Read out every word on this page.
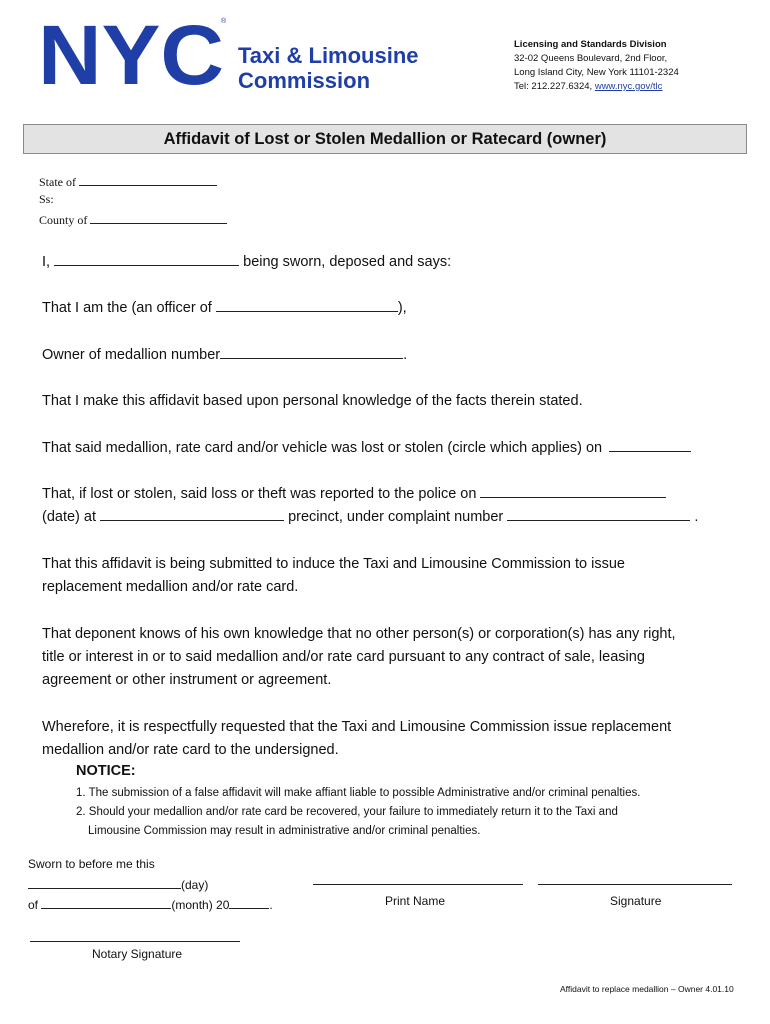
NYC
®
Taxi & Limousine
Commission
Licensing and Standards Division
32-02 Queens Boulevard, 2nd Floor,
Long Island City, New York 11101-2324
Tel: 212.227.6324, www.nyc.gov/tlc
Affidavit of Lost or Stolen Medallion or Ratecard (owner)
State of
Ss:
County of
I,	being sworn, deposed and says:
That I am the (an officer of	),
Owner of medallion number	.
That I make this affidavit based upon personal knowledge of the facts therein stated.
That said medallion, rate card and/or vehicle was lost or stolen (circle which applies) on
That, if lost or stolen, said loss or theft was reported to the police on
(date) at	precinct, under complaint number	.
That this affidavit is being submitted to induce the Taxi and Limousine Commission to issue
replacement medallion and/or rate card.
That deponent knows of his own knowledge that no other person(s) or corporation(s) has any right,
title or interest in or to said medallion and/or rate card pursuant to any contract of sale, leasing
agreement or other instrument or agreement.
Wherefore, it is respectfully requested that the Taxi and Limousine Commission issue replacement
medallion and/or rate card to the undersigned.
NOTICE:
1. The submission of a false affidavit will make affiant liable to possible Administrative and/or criminal penalties.
2. Should your medallion and/or rate card be recovered, your failure to immediately return it to the Taxi and
Limousine Commission may result in administrative and/or criminal penalties.
Sworn to before me this
(day)
of	(month) 20	.	Print Name	Signature
Notary Signature
Affidavit to replace medallion – Owner 4.01.10
